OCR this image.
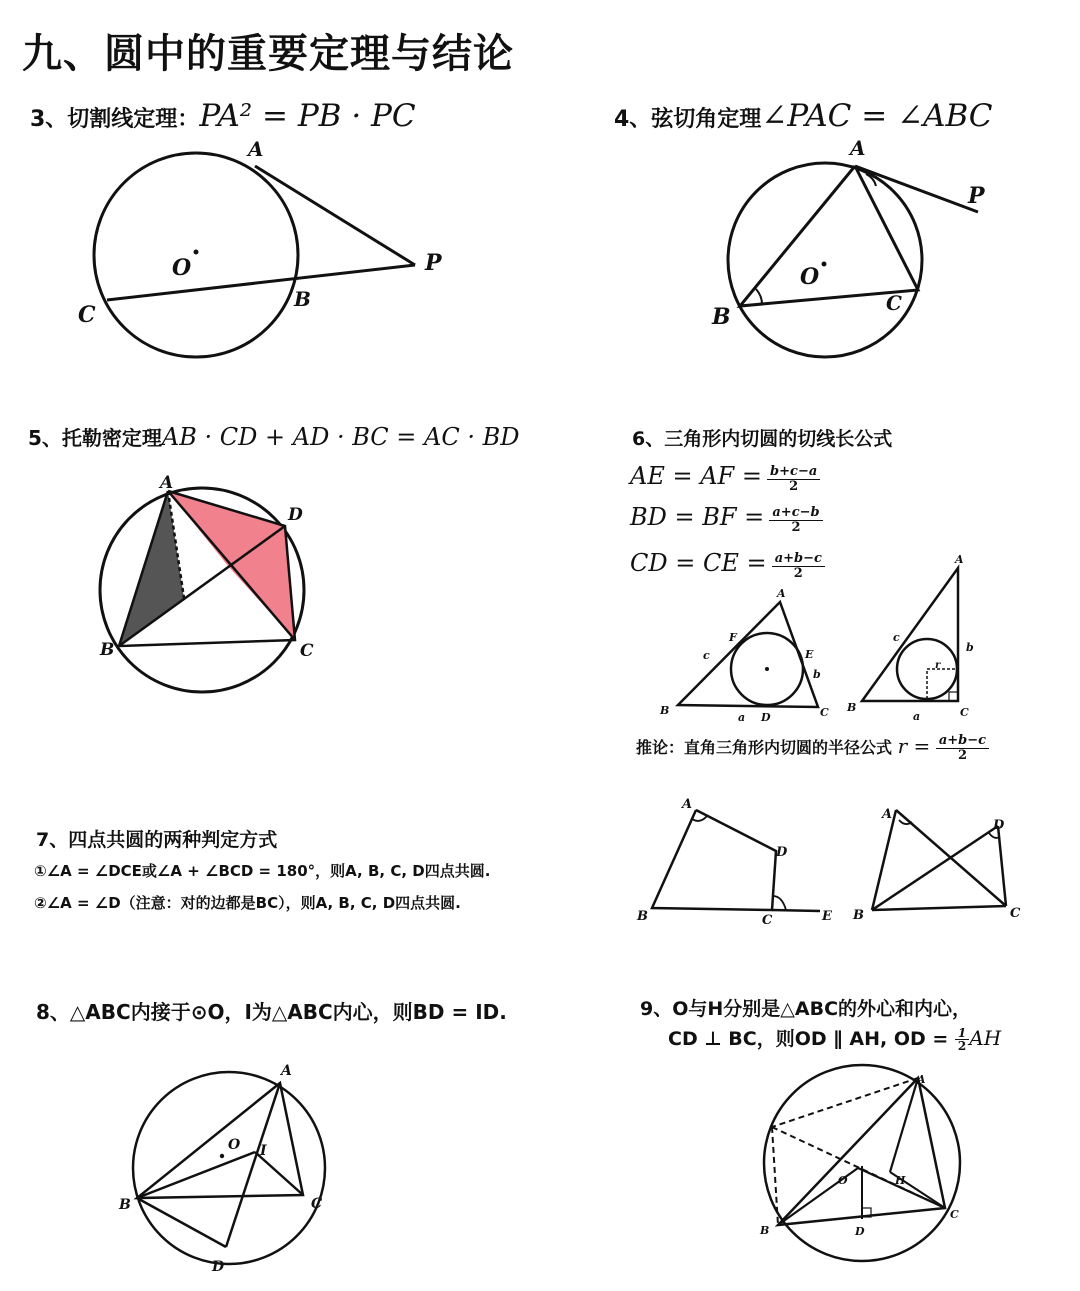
九、圆中的重要定理与结论
3、切割线定理：PA² = PB · PC
A
P
O
C
B
4、弦切角定理∠PAC = ∠ABC
A
P
O
B
C
5、托勒密定理AB · CD + AD · BC = AC · BD
A
D
B	C
6、三角形内切圆的切线长公式
AE = AF = $\frac{b+c-a}{2}$
BD = BF = $\frac{a+c-b}{2}$
CD = CE = $\frac{a+b-c}{2}$
A
F
E
c
b
B
a D	C
A
c
b
r
B
a	C
推论：直角三角形内切圆的半径公式 $r = \frac{a+b-c}{2}$
7、四点共圆的两种判定方式
①∠A = ∠DCE或∠A + ∠BCD = 180°，则A, B, C, D四点共圆.
②∠A = ∠D（注意：对的边都是BC），则A, B, C, D四点共圆.
A
D
B	C	E
A
D
B	C
8、△ABC内接于⊙O，I为△ABC内心，则BD = ID.
A
O I
B	C
D
9、O与H分别是△ABC的外心和内心，
CD ⊥ BC，则OD ∥ AH, OD = $\frac{1}{2}$ AH
A
O	H
B	D
C
